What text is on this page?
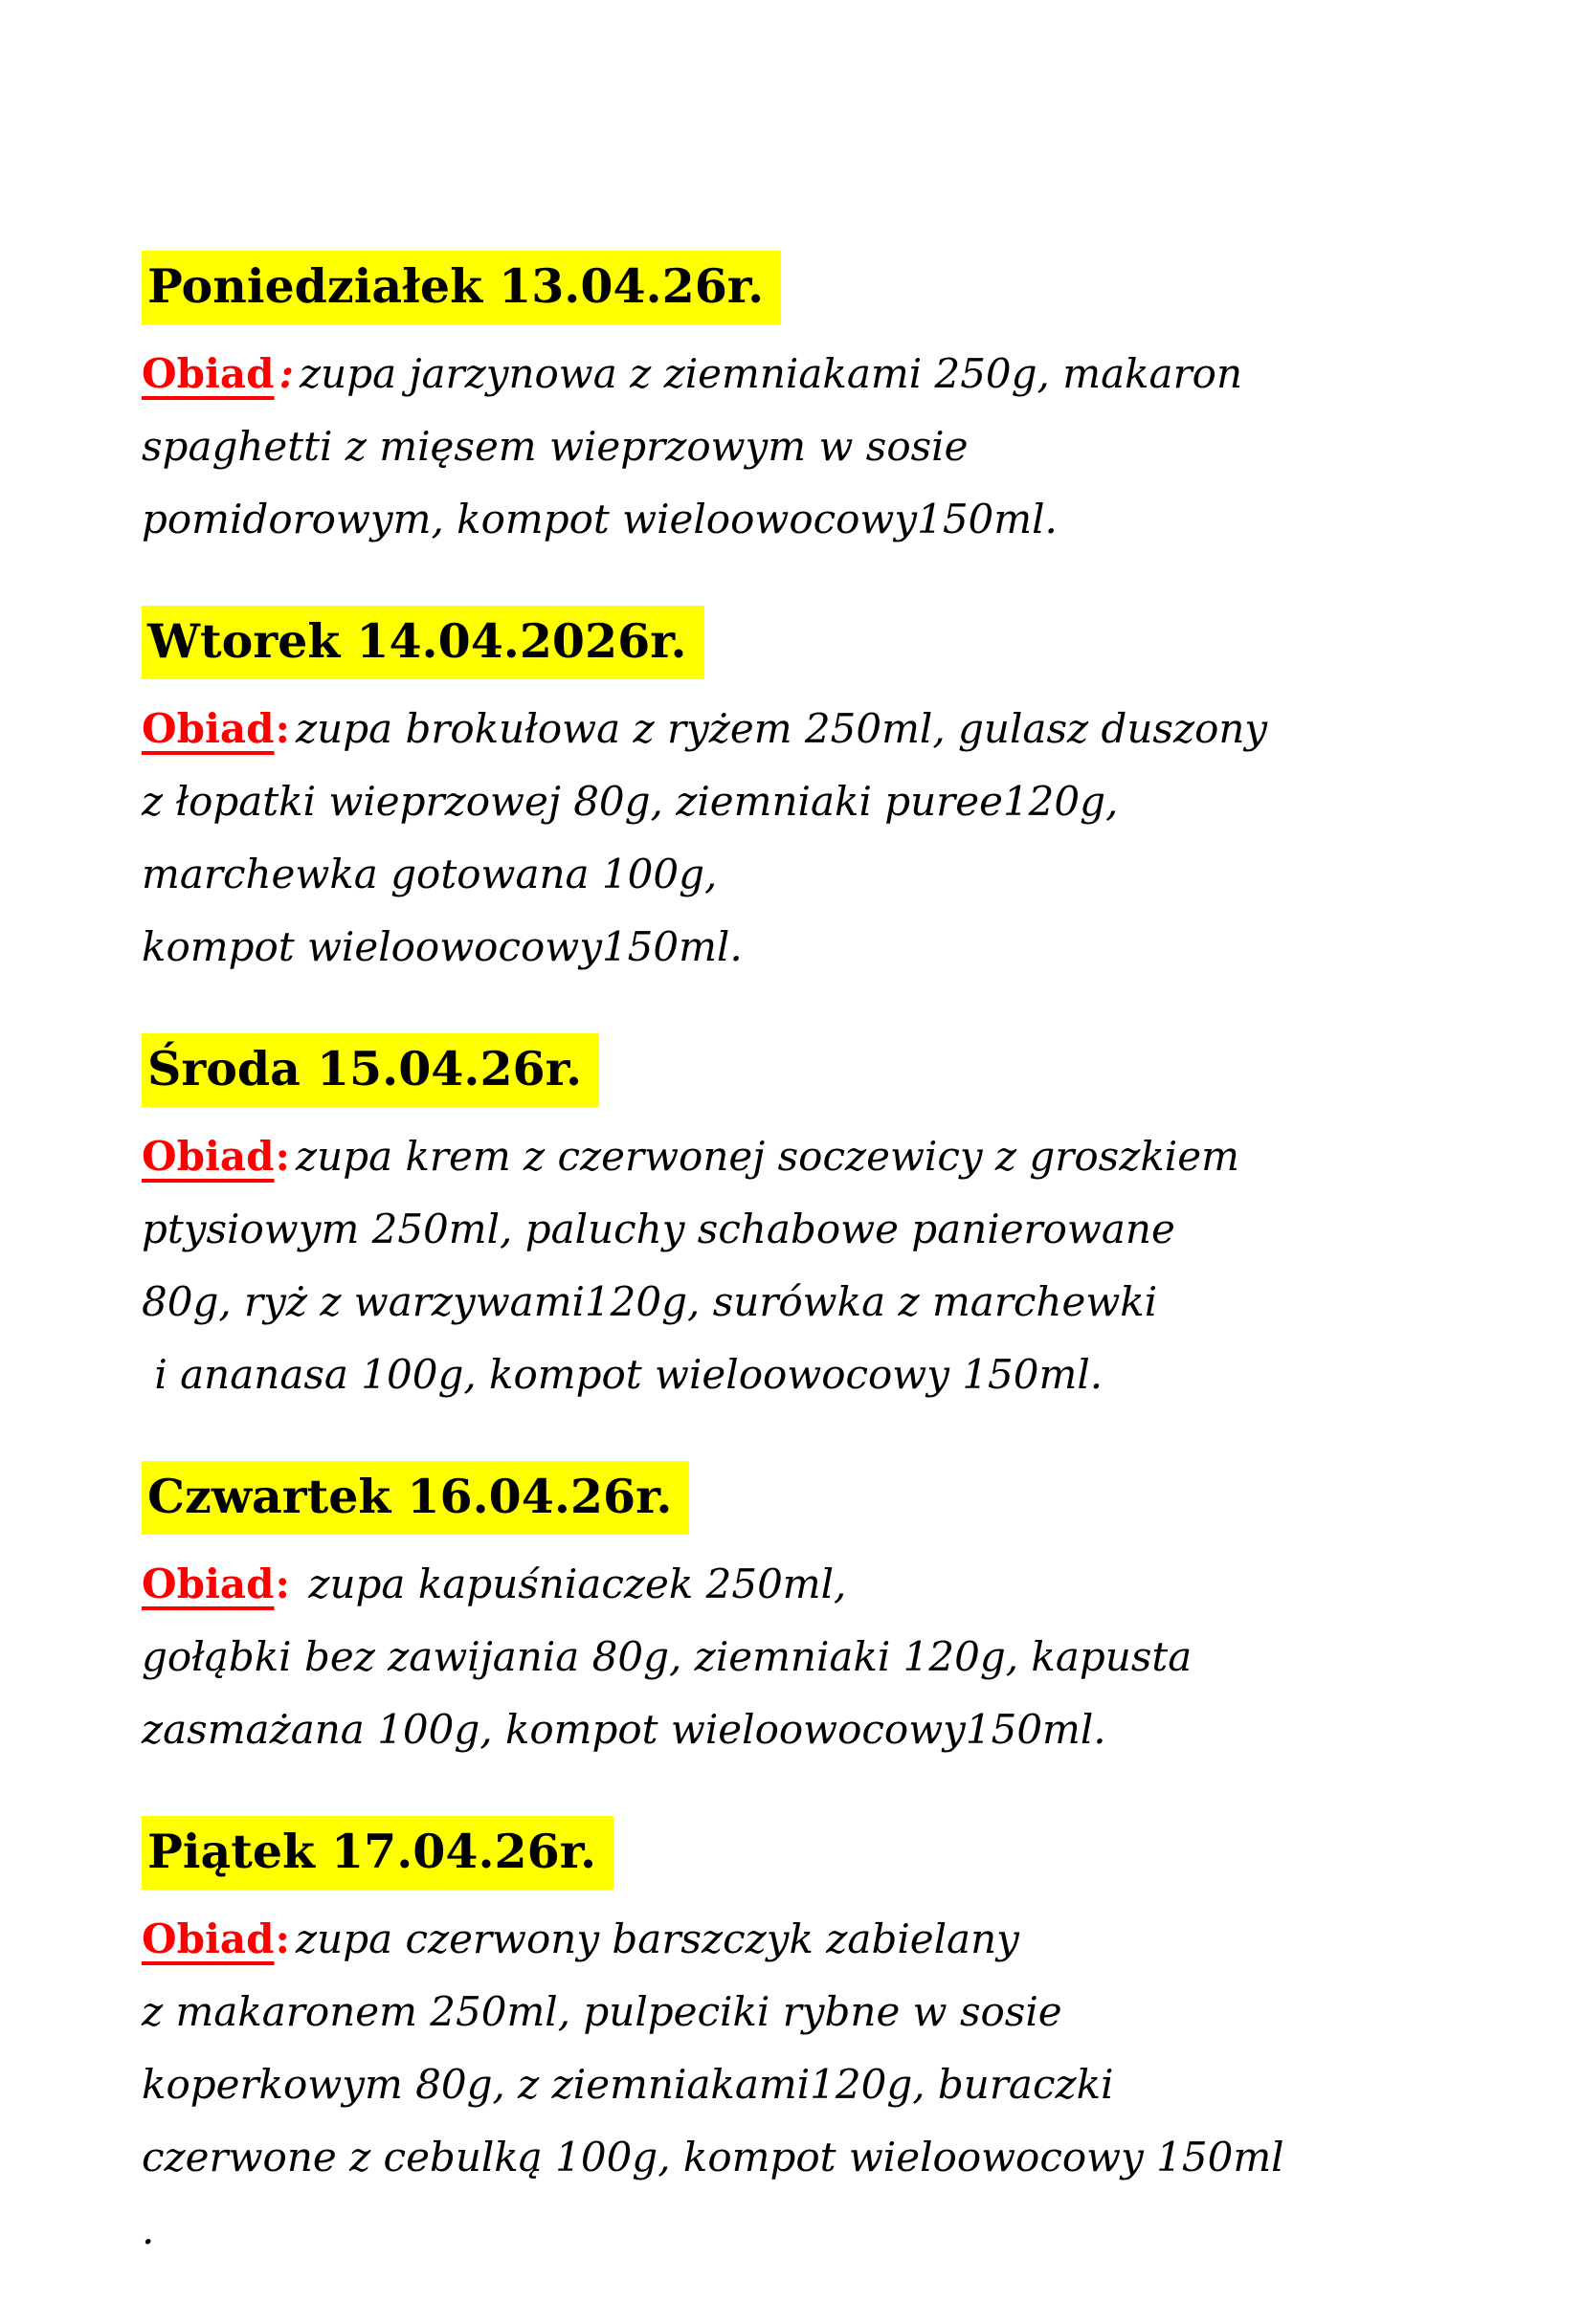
Poniedziałek 13.04.26r.

Obiad : zupa jarzynowa z ziemniakami 250g, makaron
spaghetti z mięsem wieprzowym w sosie
pomidorowym, kompot wieloowocowy150ml.

Wtorek 14.04.2026r.

Obiad: zupa brokułowa z ryżem 250ml, gulasz duszony
z łopatki wieprzowej 80g, ziemniaki puree120g,
marchewka gotowana 100g,
kompot wieloowocowy150ml.

Środa 15.04.26r.

Obiad: zupa krem z czerwonej soczewicy z groszkiem
ptysiowym 250ml, paluchy schabowe panierowane
80g, ryż z warzywami120g, surówka z marchewki
i ananasa 100g, kompot wieloowocowy 150ml.

Czwartek 16.04.26r.

Obiad: zupa kapuśniaczek 250ml,
gołąbki bez zawijania 80g, ziemniaki 120g, kapusta
zasmażana 100g, kompot wieloowocowy150ml.

Piątek 17.04.26r.

Obiad: zupa czerwony barszczyk zabielany
z makaronem 250ml, pulpeciki rybne w sosie
koperkowym 80g, z ziemniakami120g, buraczki
czerwone z cebulką 100g, kompot wieloowocowy 150ml
.
